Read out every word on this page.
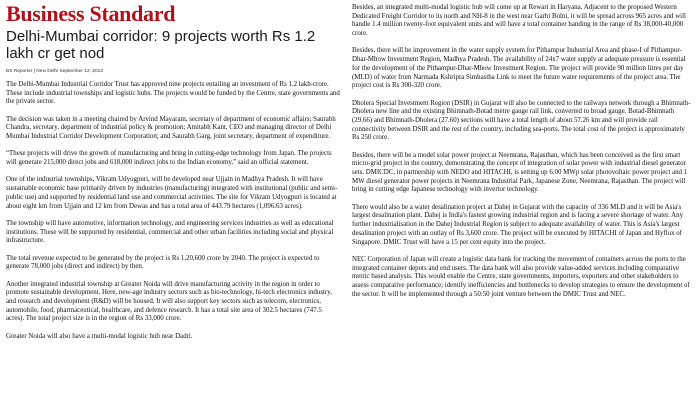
Business Standard
Delhi-Mumbai corridor: 9 projects worth Rs 1.2 lakh cr get nod
BS Reporter | New Delhi September 12, 2013

The Delhi-Mumbai Industrial Corridor Trust has approved nine projects entailing an investment of Rs 1.2 lakh-crore. These include industrial townships and logistic hubs. The projects would be funded by the Centre, state governments and the private sector.

The decision was taken in a meeting chaired by Arvind Mayaram, secretary of department of economic affairs; Saurabh Chandra, secretary, department of industrial policy & promotion; Amitabh Kant, CEO and managing director of Delhi Mumbai Industrial Corridor Development Corporation; and Saurabh Garg, joint secretary, department of expenditure.

“These projects will drive the growth of manufacturing and bring in cutting-edge technology from Japan. The projects will generate 215,000 direct jobs and 618,000 indirect jobs to the Indian economy,” said an official statement.

One of the industrial townships, Vikram Udyogpuri, will be developed near Ujjain in Madhya Pradesh. It will have sustainable economic base primarily driven by industries (manufacturing) integrated with institutional (public and semi-public use) and supported by residential land use and commercial activities. The site for Vikram Udyogpuri is located at about eight km from Ujjain and 12 km from Dewas and has a total area of 443.79 hectares (1,096.63 acres).

The township will have automotive, information technology, and engineering services industries as well as educational institutions. These will be supported by residential, commercial and other urban facilities including social and physical infrastructure.

The total revenue expected to be generated by the project is Rs 1,20,600 crore by 2040. The project is expected to generate 78,000 jobs (direct and indirect) by then.

Another integrated industrial township at Greater Noida will drive manufacturing activity in the region in order to promote sustainable development. Here, new-age industry sectors such as bio-technology, hi-tech electronics industry, and research and development (R&D) will be housed. It will also support key sectors such as telecom, electronics, automobile, food, pharmaceutical, healthcare, and defence research. It has a total site area of 302.5 hectares (747.5 acres). The total project size is in the region of Rs 33,000 crore.

Greater Noida will also have a multi-modal logistic hub near Dadri.

Besides, an integrated multi-modal logistic hub will come up at Rewari in Haryana. Adjacent to the proposed Western Dedicated Freight Corridor to its north and NH-8 in the west near Garhi Bolni, it will be spread across 965 acres and will handle 1.4 million twenty-foot equivalent units and will have a total container handing in the range of Rs 38,000-40,000 crore.

Besides, there will be improvement in the water supply system for Pithampur Industrial Area and phase-I of Pithampur-Dhar-Mhow Investment Region, Madhya Pradesh. The availability of 24x7 water supply at adequate pressure is essential for the development of the Pithampur-Dhar-Mhow Investment Region. The project will provide 90 million litres per day (MLD) of water from Narmada Kshripra Simhastha Link to meet the future water requirements of the project area. The project cost is Rs 300-320 crore.

Dholera Special Investment Region (DSIR) in Gujarat will also be connected to the railways network through a Bhimnath-Dholera new line and the existing Bhimnath-Botad metre gauge rail link, converted to broad gauge. Botad-Bhimnath (29.66) and Bhimnath-Dholera (27.60) sections will have a total length of about 57.26 km and will provide rail connectivity between DSIR and the rest of the country, including sea-ports. The total cost of the project is approximately Rs 250 crore.

Besides, there will be a model solar power project at Neemrana, Rajasthan, which has been conceived as the first smart micro-grid project in the country, demonstrating the concept of integration of solar power with industrial diesel generator sets. DMICDC, in partnership with NEDO and HITACHI, is setting up 6.00 MWp solar photovoltaic power project and 1 MW diesel generator power projects in Neemrana Industrial Park, Japanese Zone, Neemrana, Rajasthan. The project will bring in cutting edge Japanese technology with invertor technology.

There would also be a water desalination project at Dahej in Gujarat with the capacity of 336 MLD and it will be Asia's largest desalination plant. Dahej is India's fastest growing industrial region and is facing a severe shortage of water. Any further industrialisation in the Dahej Industrial Region is subject to adequate availability of water. This is Asia's largest desalination project with an outlay of Rs 3,600 crore. The project will be executed by HITACHI of Japan and Hyflux of Singapore. DMIC Trust will have a 15 per cent equity into the project.

NEC Corporation of Japan will create a logistic data bank for tracking the movement of containers across the ports to the integrated container depots and end users. The data bank will also provide value-added services including comparative metric based analysis. This would enable the Centre, state governments, importers, exporters and other stakeholders to assess comparative performance; identify inefficiencies and bottlenecks to develop strategies to ensure the development of the sector. It will be implemented through a 50:50 joint venture between the DMIC Trust and NEC.
